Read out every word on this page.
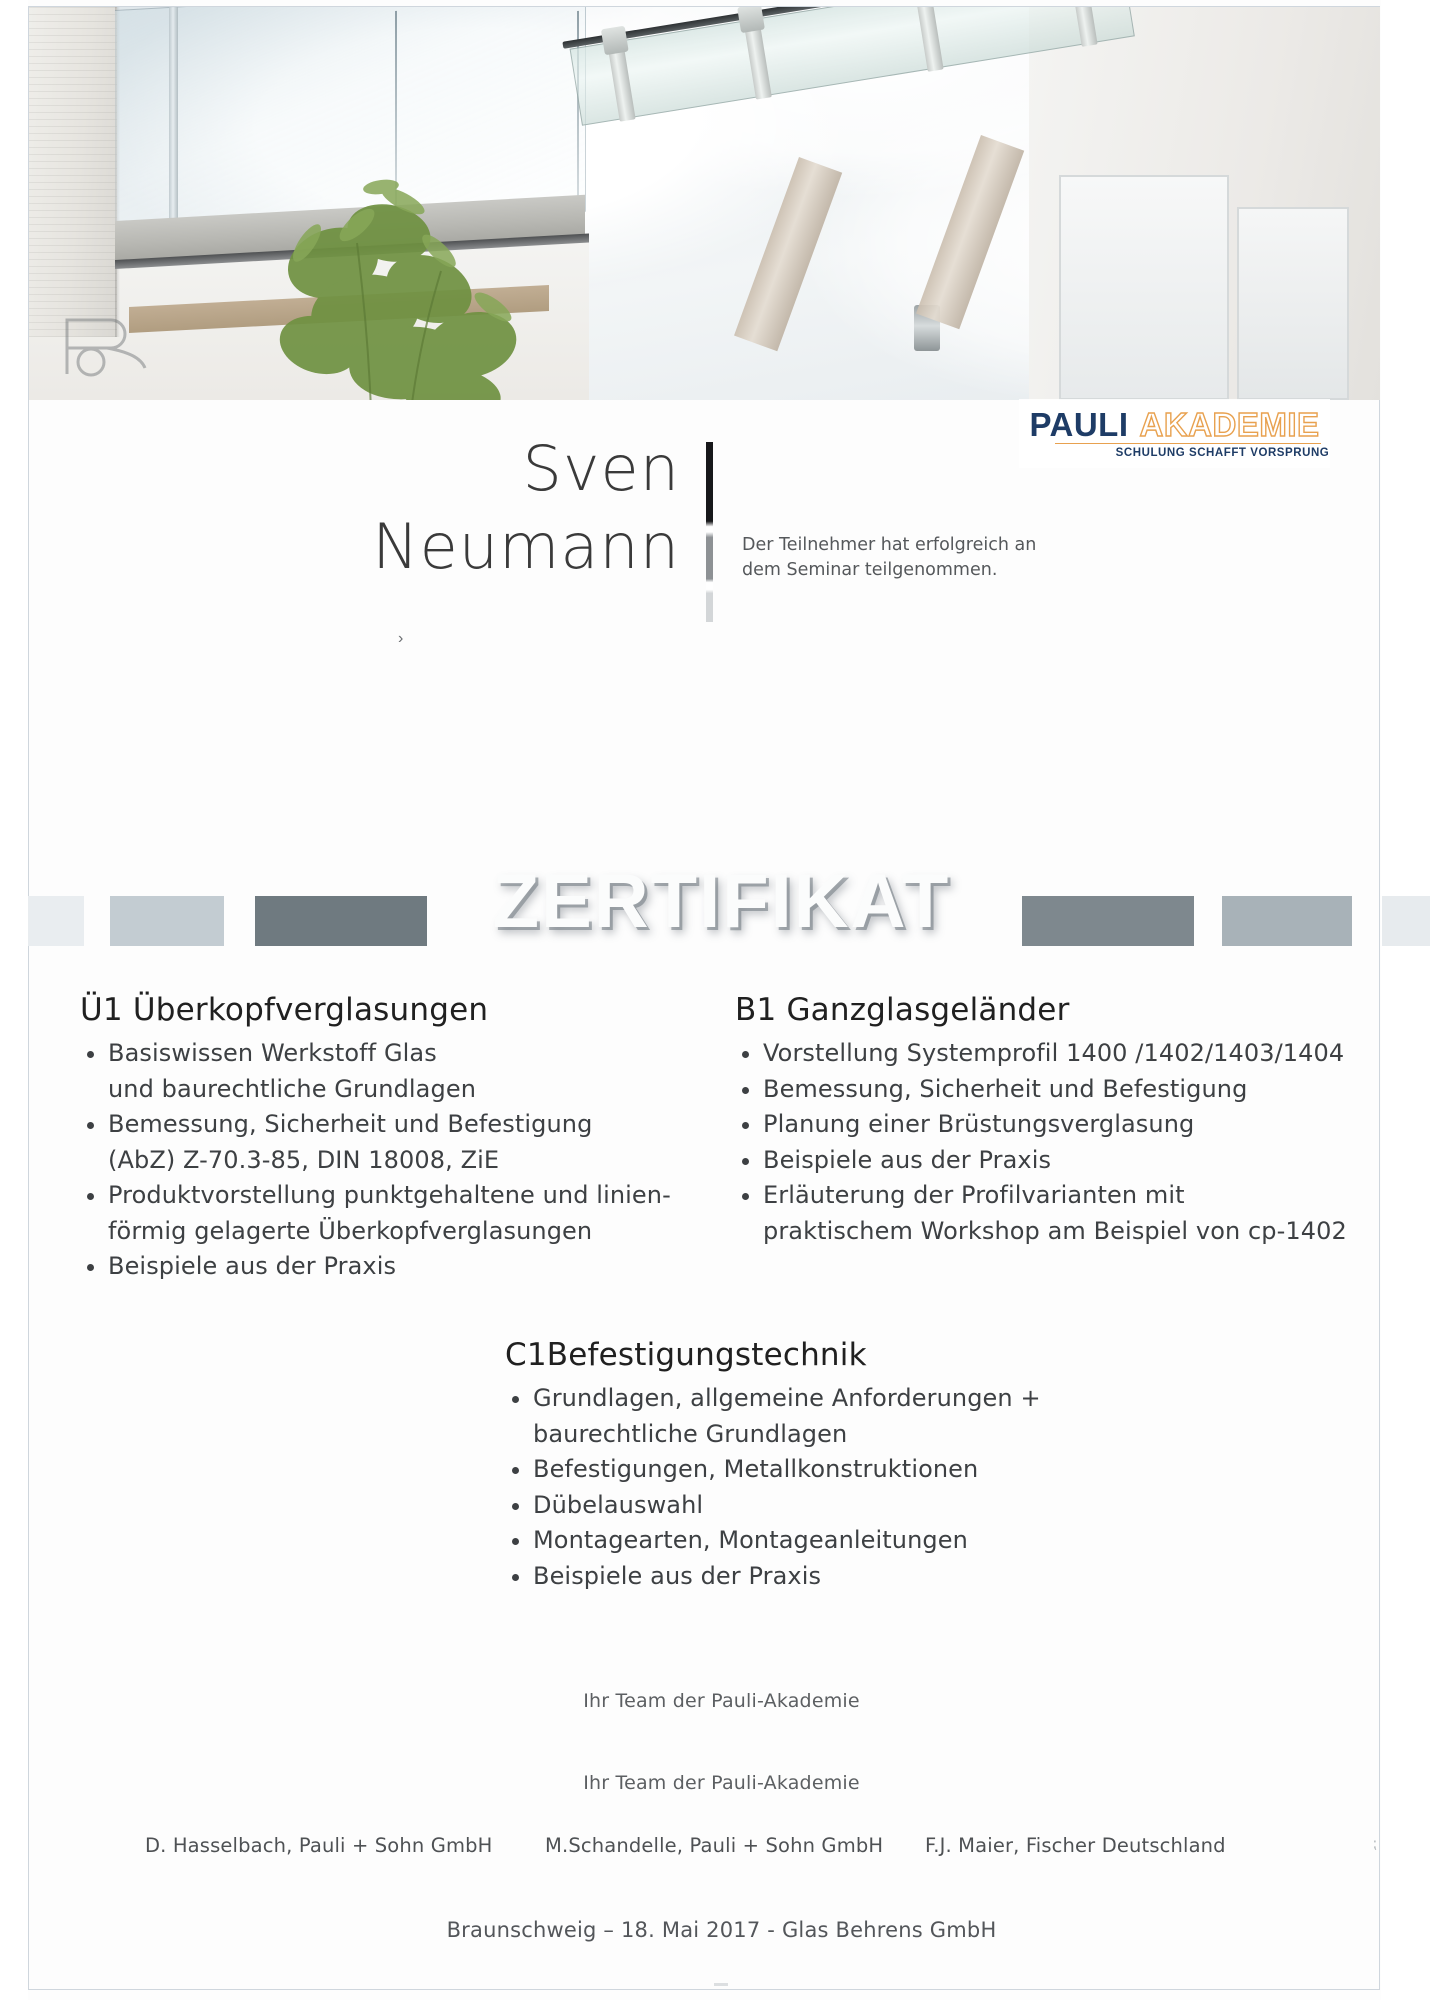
PAULI AKADEMIE
SCHULUNG SCHAFFT VORSPRUNG
Sven
Neumann	Der Teilnehmer hat erfolgreich an
dem Seminar teilgenommen.
›
ZERTIFIKAT
Ü1 Überkopfverglasungen
Basiswissen Werkstoff Glas
und baurechtliche Grundlagen
Bemessung, Sicherheit und Befestigung
(AbZ) Z-70.3-85, DIN 18008, ZiE
Produktvorstellung punktgehaltene und linien-
förmig gelagerte Überkopfverglasungen
Beispiele aus der Praxis
B1 Ganzglasgeländer
Vorstellung Systemprofil 1400 /1402/1403/1404
Bemessung, Sicherheit und Befestigung
Planung einer Brüstungsverglasung
Beispiele aus der Praxis
Erläuterung der Profilvarianten mit
praktischem Workshop am Beispiel von cp-1402
C1Befestigungstechnik
Grundlagen, allgemeine Anforderungen +
baurechtliche Grundlagen
Befestigungen, Metallkonstruktionen
Dübelauswahl
Montagearten, Montageanleitungen
Beispiele aus der Praxis
Ihr Team der Pauli-Akademie
Ihr Team der Pauli-Akademie
D. Hasselbach, Pauli + Sohn GmbH	M.Schandelle, Pauli + Sohn GmbH F.J. Maier, Fischer Deutschland
Braunschweig – 18. Mai 2017 - Glas Behrens GmbH
⁏
